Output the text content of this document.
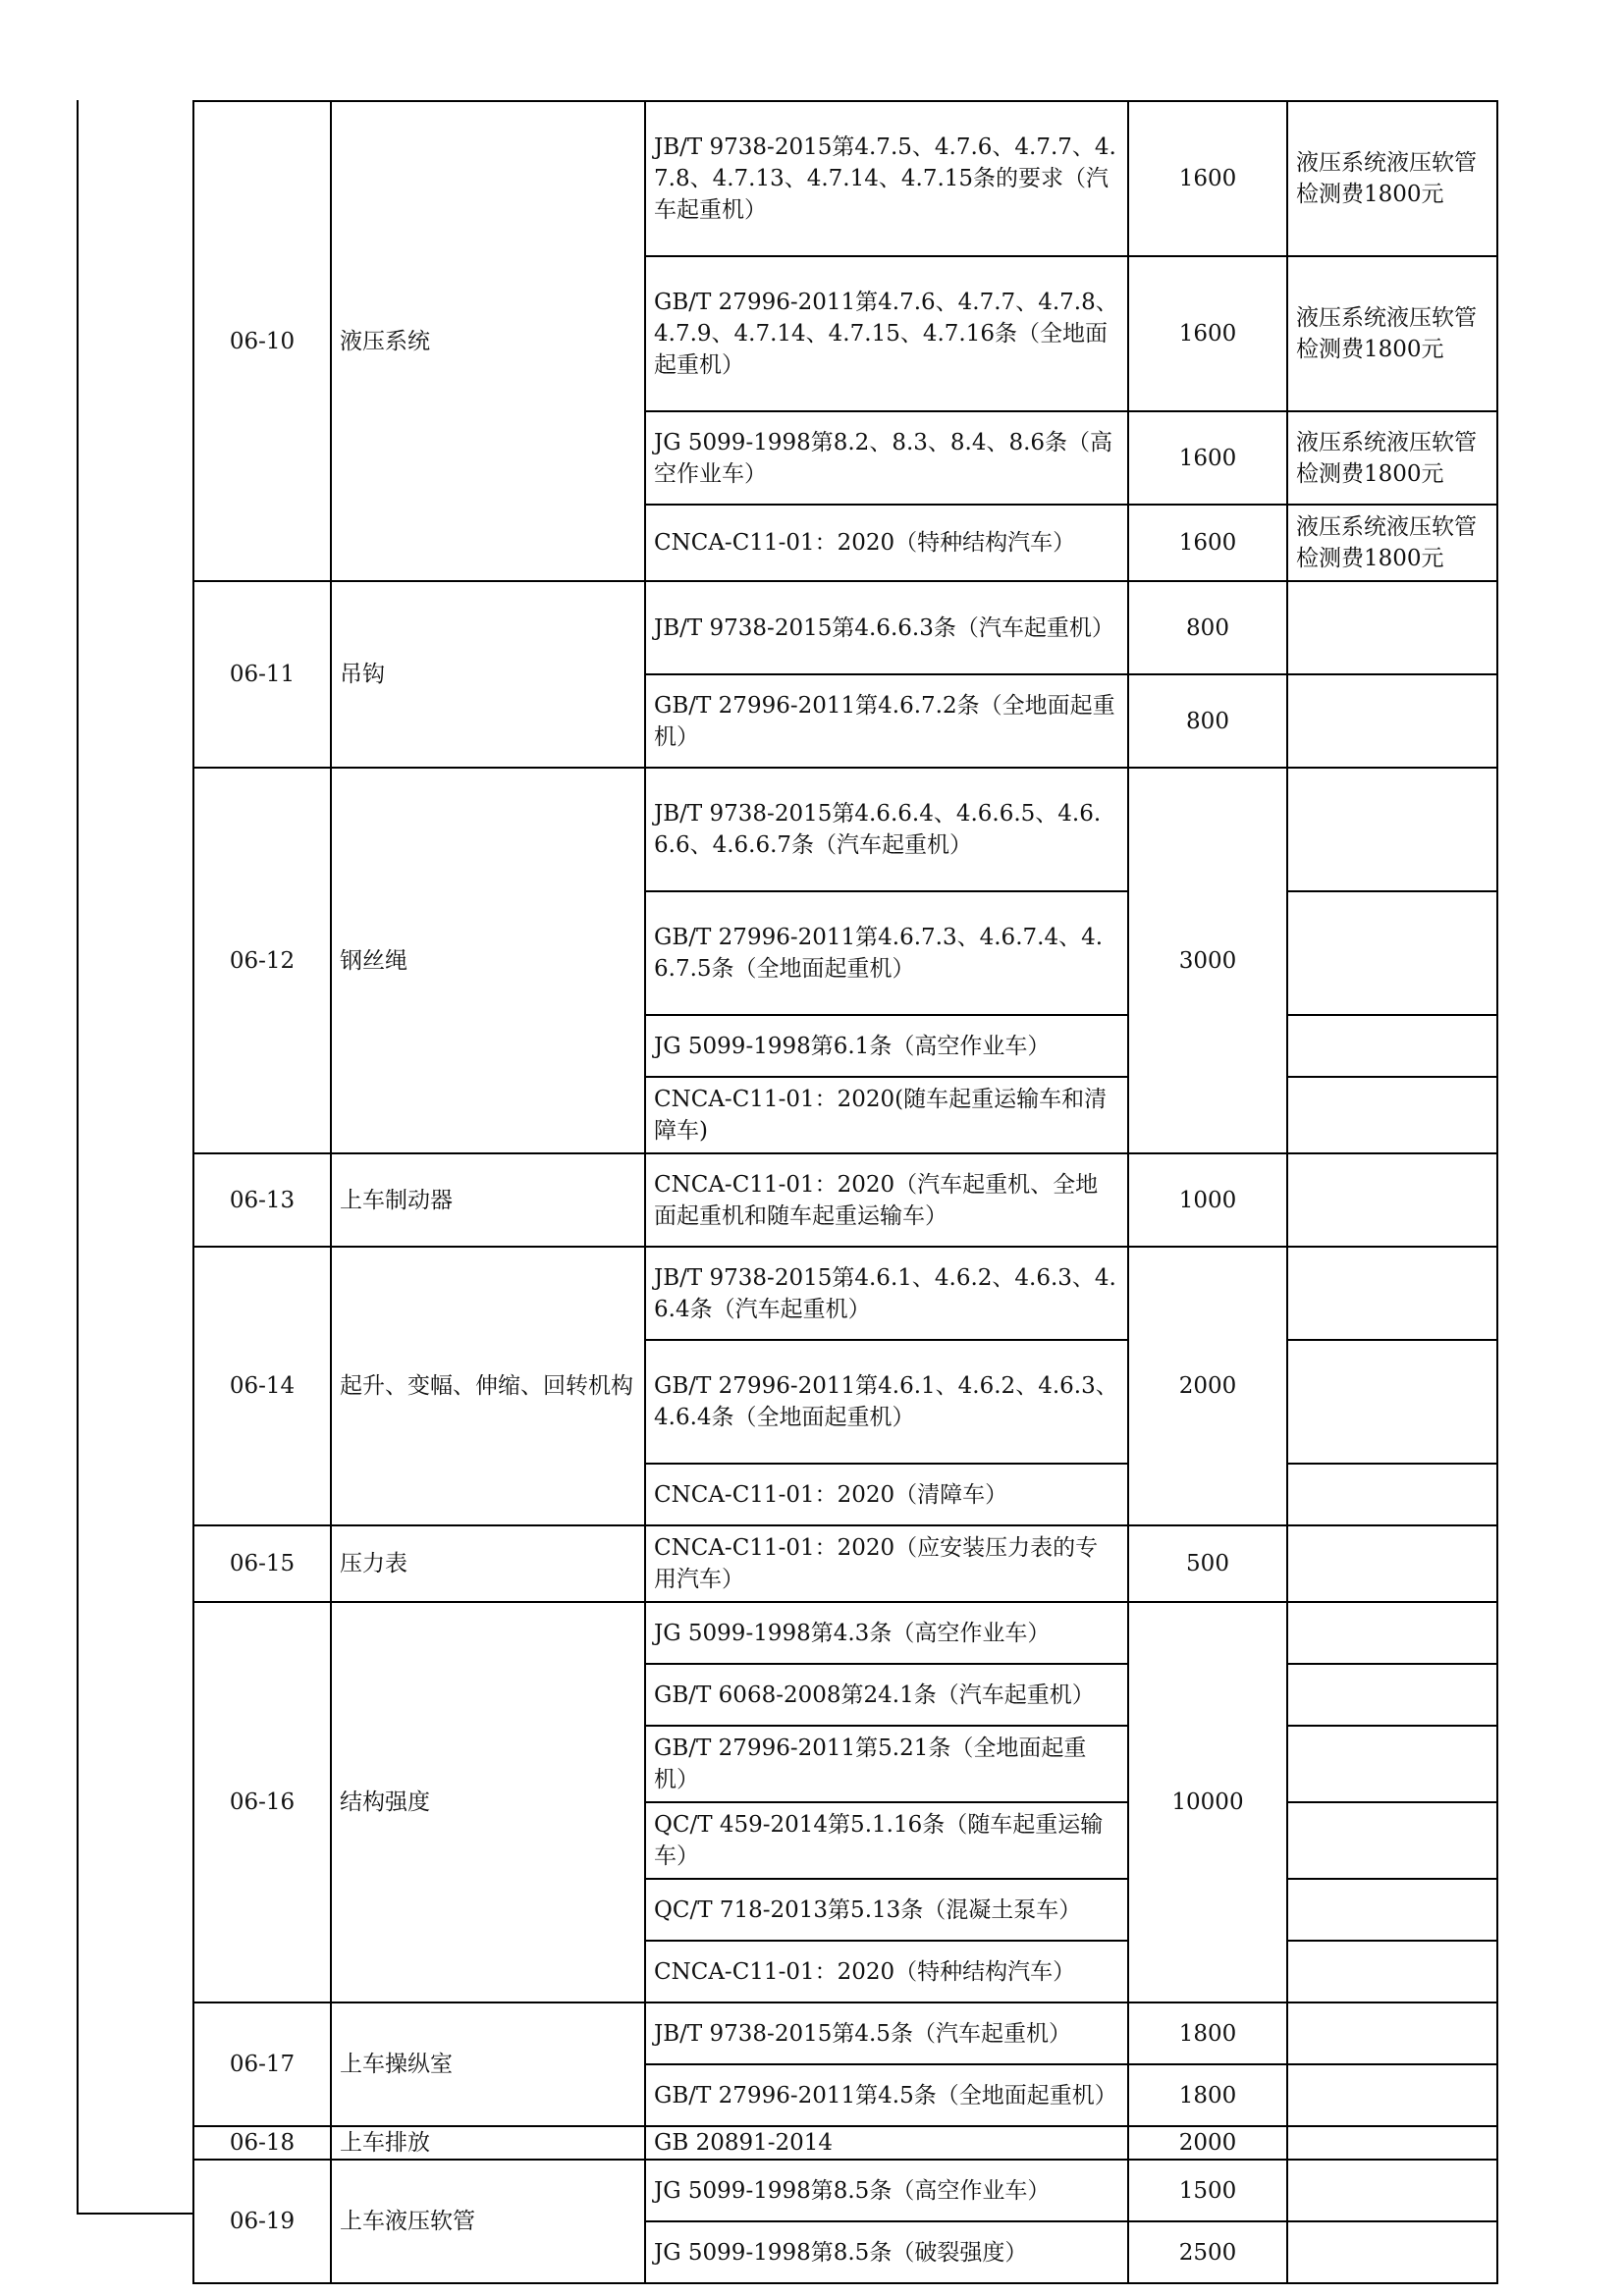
06-10	液压系统	JB/T 9738-2015第4.7.5、4.7.6、4.7.7、4.7.8、4.7.13、4.7.14、4.7.15条的要求（汽车起重机）	1600	液压系统液压软管检测费1800元
		GB/T 27996-2011第4.7.6、4.7.7、4.7.8、4.7.9、4.7.14、4.7.15、4.7.16条（全地面起重机）	1600	液压系统液压软管检测费1800元
		JG 5099-1998第8.2、8.3、8.4、8.6条（高空作业车）	1600	液压系统液压软管检测费1800元
		CNCA-C11-01：2020（特种结构汽车）	1600	液压系统液压软管检测费1800元
06-11	吊钩	JB/T 9738-2015第4.6.6.3条（汽车起重机）	800	
		GB/T 27996-2011第4.6.7.2条（全地面起重机）	800	
06-12	钢丝绳	JB/T 9738-2015第4.6.6.4、4.6.6.5、4.6.6.6、4.6.6.7条（汽车起重机）	3000	
		GB/T 27996-2011第4.6.7.3、4.6.7.4、4.6.7.5条（全地面起重机）		
		JG 5099-1998第6.1条（高空作业车）		
		CNCA-C11-01：2020(随车起重运输车和清障车)		
06-13	上车制动器	CNCA-C11-01：2020（汽车起重机、全地面起重机和随车起重运输车）	1000	
06-14	起升、变幅、伸缩、回转机构	JB/T 9738-2015第4.6.1、4.6.2、4.6.3、4.6.4条（汽车起重机）	2000	
		GB/T 27996-2011第4.6.1、4.6.2、4.6.3、4.6.4条（全地面起重机）		
		CNCA-C11-01：2020（清障车）		
06-15	压力表	CNCA-C11-01：2020（应安装压力表的专用汽车）	500	
06-16	结构强度	JG 5099-1998第4.3条（高空作业车）	10000	
		GB/T 6068-2008第24.1条（汽车起重机）		
		GB/T 27996-2011第5.21条（全地面起重机）		
		QC/T 459-2014第5.1.16条（随车起重运输车）		
		QC/T 718-2013第5.13条（混凝土泵车）		
		CNCA-C11-01：2020（特种结构汽车）		
06-17	上车操纵室	JB/T 9738-2015第4.5条（汽车起重机）	1800	
		GB/T 27996-2011第4.5条（全地面起重机）	1800	
06-18	上车排放	GB 20891-2014	2000	
06-19	上车液压软管	JG 5099-1998第8.5条（高空作业车）	1500	
		JG 5099-1998第8.5条（破裂强度）	2500	
